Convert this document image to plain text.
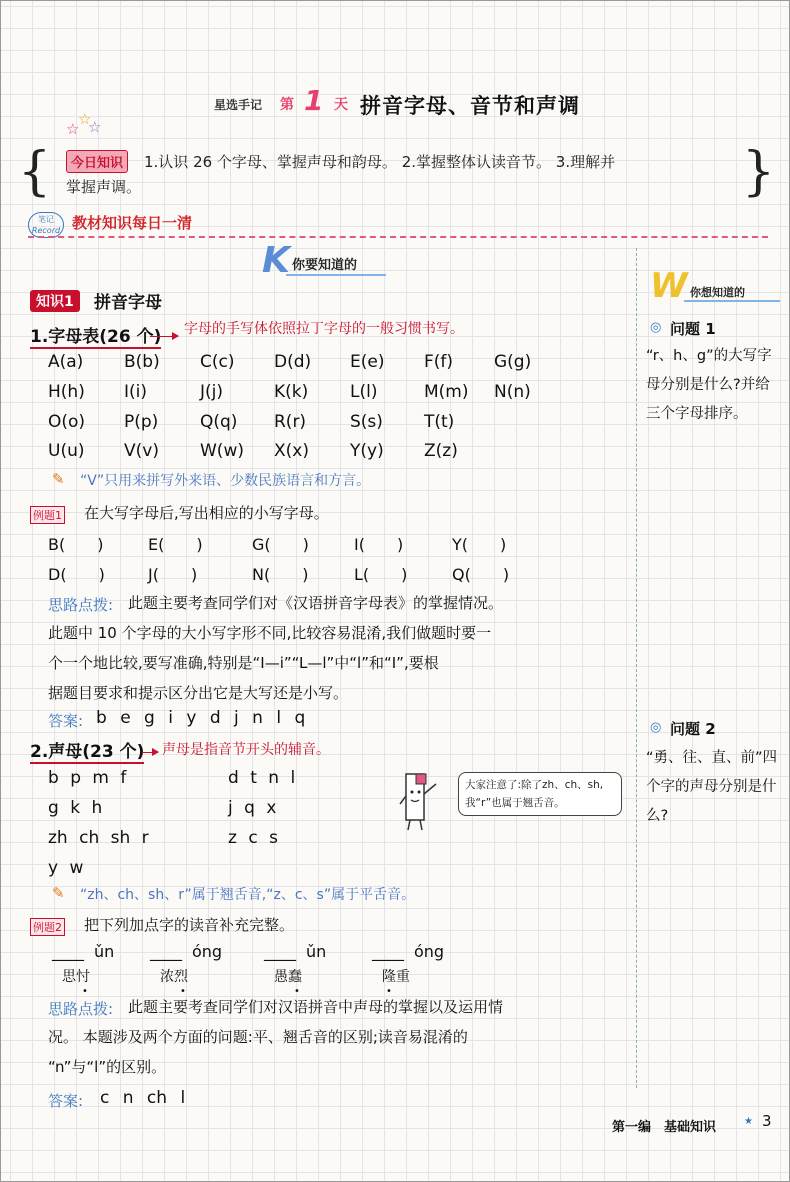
星选手记 第 1 天 拼音字母、音节和声调
☆
☆
☆
{	今日知识	1.认识 26 个字母、掌握声母和韵母。 2.掌握整体认读音节。 3.理解并
掌握声调。	}
笔记
Record 教材知识每日一清
K 你要知道的
W 你想知道的
知识1	拼音字母
1.字母表(26 个) 字母的手写体依照拉丁字母的一般习惯书写。
A(a) B(b) C(c) D(d) E(e) F(f) G(g)
H(h) I(i)	J(j)	K(k) L(l)	M(m) N(n)
O(o) P(p) Q(q) R(r)	S(s) T(t)
U(u) V(v) W(w) X(x) Y(y) Z(z)
✎ “V”只用来拼写外来语、少数民族语言和方言。
例题1 在大写字母后,写出相应的小写字母。
B(　　)	E(　　)	G(　　)	I(　　)	Y(　　)
D(　　)	J(　　)	N(　　)	L(　　)	Q(　　)
思路点拨: 此题主要考查同学们对《汉语拼音字母表》的掌握情况。
此题中 10 个字母的大小写字形不同,比较容易混淆,我们做题时要一
个一个地比较,要写准确,特别是“I—i”“L—l”中“l”和“I”,要根
据题目要求和提示区分出它是大写还是小写。
答案: b e g i y d j n l q
2.声母(23 个) 声母是指音节开头的辅音。
b p m f
g k h
zh ch sh r
y w
d t n l
j q x
z c s
大家注意了:除了zh、ch、sh,我“r”也属于翘舌音。
✎ “zh、ch、sh、r”属于翘舌音,“z、c、s”属于平舌音。
例题2 把下列加点字的读音补充完整。
____ ǔn
思忖
•
____ óng
浓烈
•
____ ǔn
愚蠢
•
____ óng
隆重
•
思路点拨: 此题主要考查同学们对汉语拼音中声母的掌握以及运用情
况。 本题涉及两个方面的问题:平、翘舌音的区别;读音易混淆的
“n”与“l”的区别。
答案: c n ch l
◎ 问题 1
“r、h、g”的大写字母分别是什么?并给三个字母排序。
◎ 问题 2
“勇、往、直、前”四个字的声母分别是什么?
第一编　基础知识	★ 3
